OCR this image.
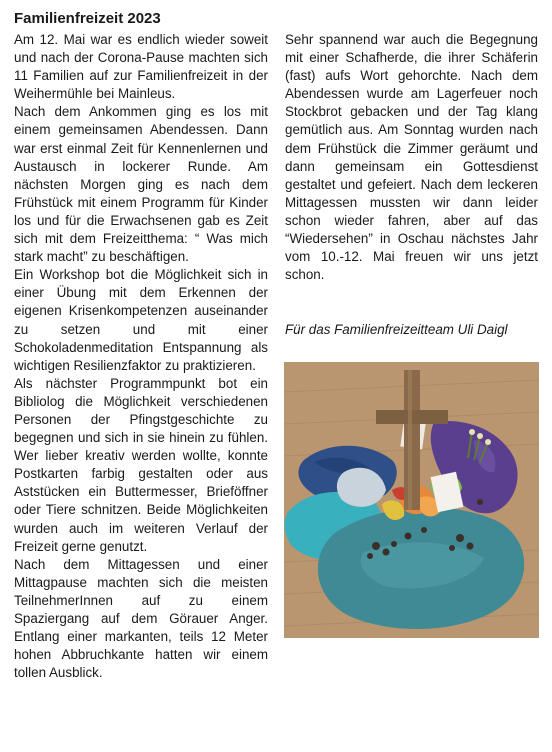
Familienfreizeit 2023

Am 12. Mai war es endlich wieder soweit und nach der Corona-Pause machten sich 11 Familien auf zur Familienfreizeit in der Weihermühle bei Mainleus.

Nach dem Ankommen ging es los mit einem gemeinsamen Abendessen. Dann war erst einmal Zeit für Kennenlernen und Austausch in lockerer Runde. Am nächsten Morgen ging es nach dem Frühstück mit einem Programm für Kinder los und für die Erwachsenen gab es Zeit sich mit dem Freizeitthema: “ Was mich stark macht” zu beschäftigen.

Ein Workshop bot die Möglichkeit sich in einer Übung mit dem Erkennen der eigenen Krisenkompetenzen auseinander zu setzen und mit einer Schokoladenmeditation Entspannung als wichtigen Resilienzfaktor zu praktizieren.

Als nächster Programmpunkt bot ein Bibliolog die Möglichkeit verschiedenen Personen der Pfingstgeschichte zu begegnen und sich in sie hinein zu fühlen. Wer lieber kreativ werden wollte, konnte Postkarten farbig gestalten oder aus Aststücken ein Buttermesser, Brieföffner oder Tiere schnitzen. Beide Möglichkeiten wurden auch im weiteren Verlauf der Freizeit gerne genutzt.

Nach dem Mittagessen und einer Mittagpause machten sich die meisten TeilnehmerInnen auf zu einem Spaziergang auf dem Görauer Anger. Entlang einer markanten, teils 12 Meter hohen Abbruchkante hatten wir einem tollen Ausblick.

Sehr spannend war auch die Begegnung mit einer Schafherde, die ihrer Schäferin (fast) aufs Wort gehorchte. Nach dem Abendessen wurde am Lagerfeuer noch Stockbrot gebacken und der Tag klang gemütlich aus. Am Sonntag wurden nach dem Frühstück die Zimmer geräumt und dann gemeinsam ein Gottesdienst gestaltet und gefeiert. Nach dem leckeren Mittagessen mussten wir dann leider schon wieder fahren, aber auf das “Wiedersehen” in Oschau nächstes Jahr vom 10.-12. Mai freuen wir uns jetzt schon.

Für das Familienfreizeitteam Uli Daigl
